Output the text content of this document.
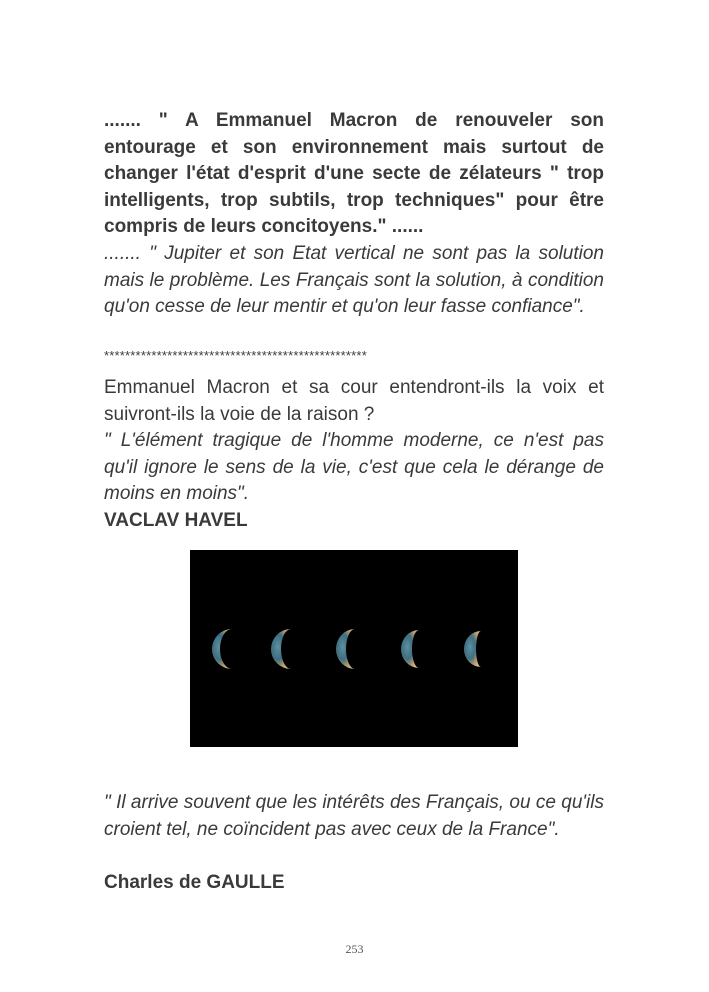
....... " A Emmanuel Macron de renouveler son entourage et son environnement mais surtout de changer l'état d'esprit d'une secte de zélateurs " trop intelligents, trop subtils, trop techniques" pour être compris de leurs concitoyens." ......

....... " Jupiter et son Etat vertical ne sont pas la solution mais le problème. Les Français sont la solution, à condition qu'on cesse de leur mentir et qu'on leur fasse confiance".

**************************************************

Emmanuel Macron et sa cour entendront-ils la voix et suivront-ils la voie de la raison ?

" L'élément tragique de l'homme moderne, ce n'est pas qu'il ignore le sens de la vie, c'est que cela le dérange de moins en moins".

VACLAV HAVEL

" Il arrive souvent que les intérêts des Français, ou ce qu'ils croient tel, ne coïncident pas avec ceux de la France".

Charles de GAULLE
253
